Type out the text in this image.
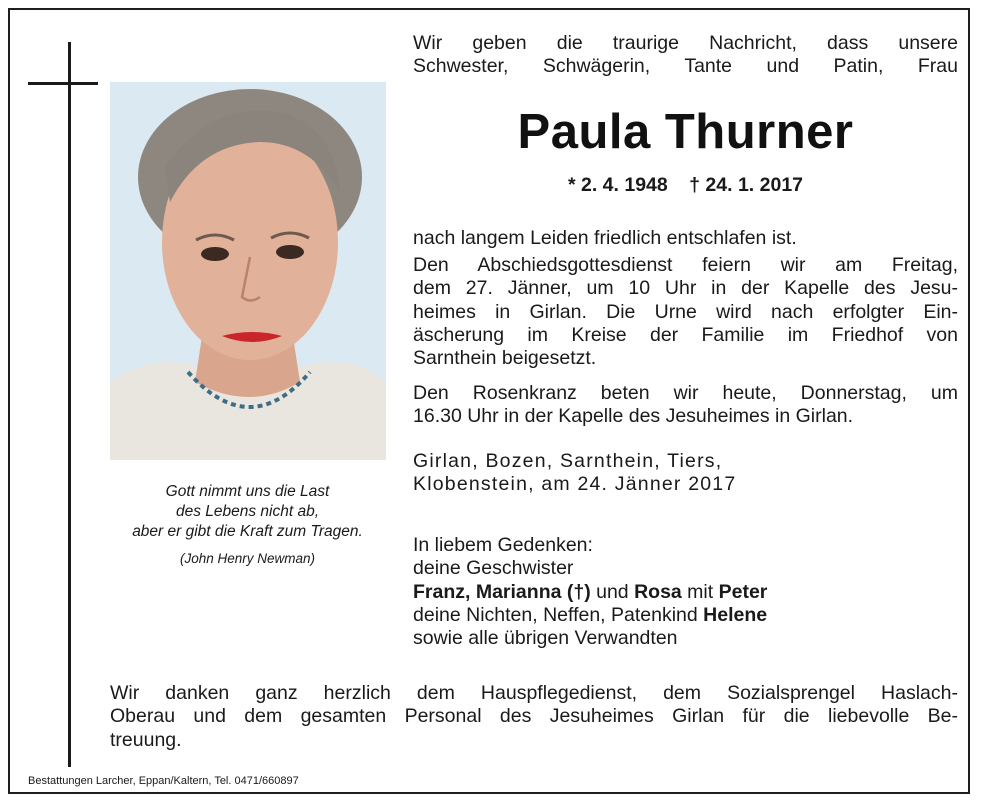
Gott nimmt uns die Last
des Lebens nicht ab,
aber er gibt die Kraft zum Tragen.
(John Henry Newman)
Wir geben die traurige Nachricht, dass unsere
Schwester, Schwägerin, Tante und Patin, Frau
Paula Thurner
* 2. 4. 1948 † 24. 1. 2017
nach langem Leiden friedlich entschlafen ist.
Den Abschiedsgottesdienst feiern wir am Freitag,
dem 27. Jänner, um 10 Uhr in der Kapelle des Jesu-
heimes in Girlan. Die Urne wird nach erfolgter Ein-
äscherung im Kreise der Familie im Friedhof von
Sarnthein beigesetzt.
Den Rosenkranz beten wir heute, Donnerstag, um
16.30 Uhr in der Kapelle des Jesuheimes in Girlan.
Girlan, Bozen, Sarnthein, Tiers,
Klobenstein, am 24. Jänner 2017
In liebem Gedenken:
deine Geschwister
Franz, Marianna (†) und Rosa mit Peter
deine Nichten, Neffen, Patenkind Helene
sowie alle übrigen Verwandten
Wir danken ganz herzlich dem Hauspflegedienst, dem Sozialsprengel Haslach-
Oberau und dem gesamten Personal des Jesuheimes Girlan für die liebevolle Be-
treuung.
Bestattungen Larcher, Eppan/Kaltern, Tel. 0471/660897
